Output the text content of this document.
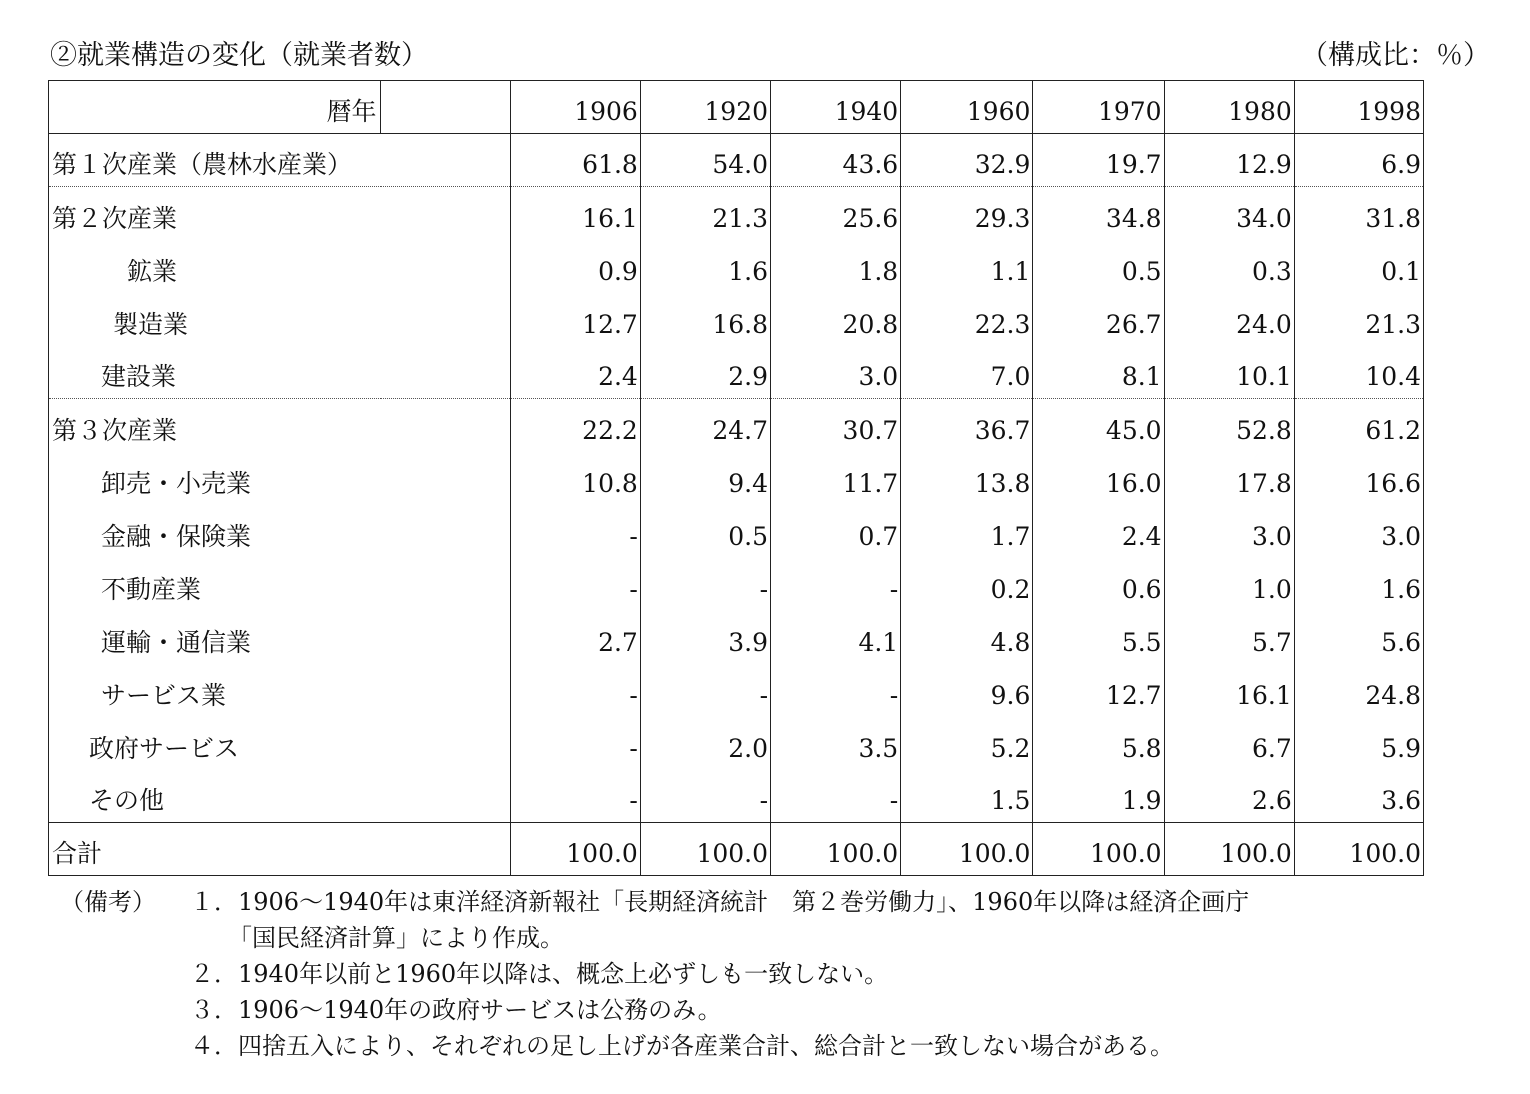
②就業構造の変化（就業者数）	（構成比：％）
暦年		1906	1920	1940	1960	1970	1980	1998
第１次産業（農林水産業）		61.8	54.0	43.6	32.9	19.7	12.9	6.9
第２次産業		16.1	21.3	25.6	29.3	34.8	34.0	31.8
鉱業		0.9	1.6	1.8	1.1	0.5	0.3	0.1
製造業		12.7	16.8	20.8	22.3	26.7	24.0	21.3
建設業		2.4	2.9	3.0	7.0	8.1	10.1	10.4
第３次産業		22.2	24.7	30.7	36.7	45.0	52.8	61.2
卸売・小売業		10.8	9.4	11.7	13.8	16.0	17.8	16.6
金融・保険業		-	0.5	0.7	1.7	2.4	3.0	3.0
不動産業		-	-	-	0.2	0.6	1.0	1.6
運輸・通信業		2.7	3.9	4.1	4.8	5.5	5.7	5.6
サービス業		-	-	-	9.6	12.7	16.1	24.8
政府サービス		-	2.0	3.5	5.2	5.8	6.7	5.9
その他		-	-	-	1.5	1.9	2.6	3.6
合計		100.0	100.0	100.0	100.0	100.0	100.0	100.0
（備考） １．1906～1940年は東洋経済新報社「長期経済統計　第２巻労働力」、1960年以降は経済企画庁
「国民経済計算」により作成。
２．1940年以前と1960年以降は、概念上必ずしも一致しない。
３．1906～1940年の政府サービスは公務のみ。
４．四捨五入により、それぞれの足し上げが各産業合計、総合計と一致しない場合がある。
